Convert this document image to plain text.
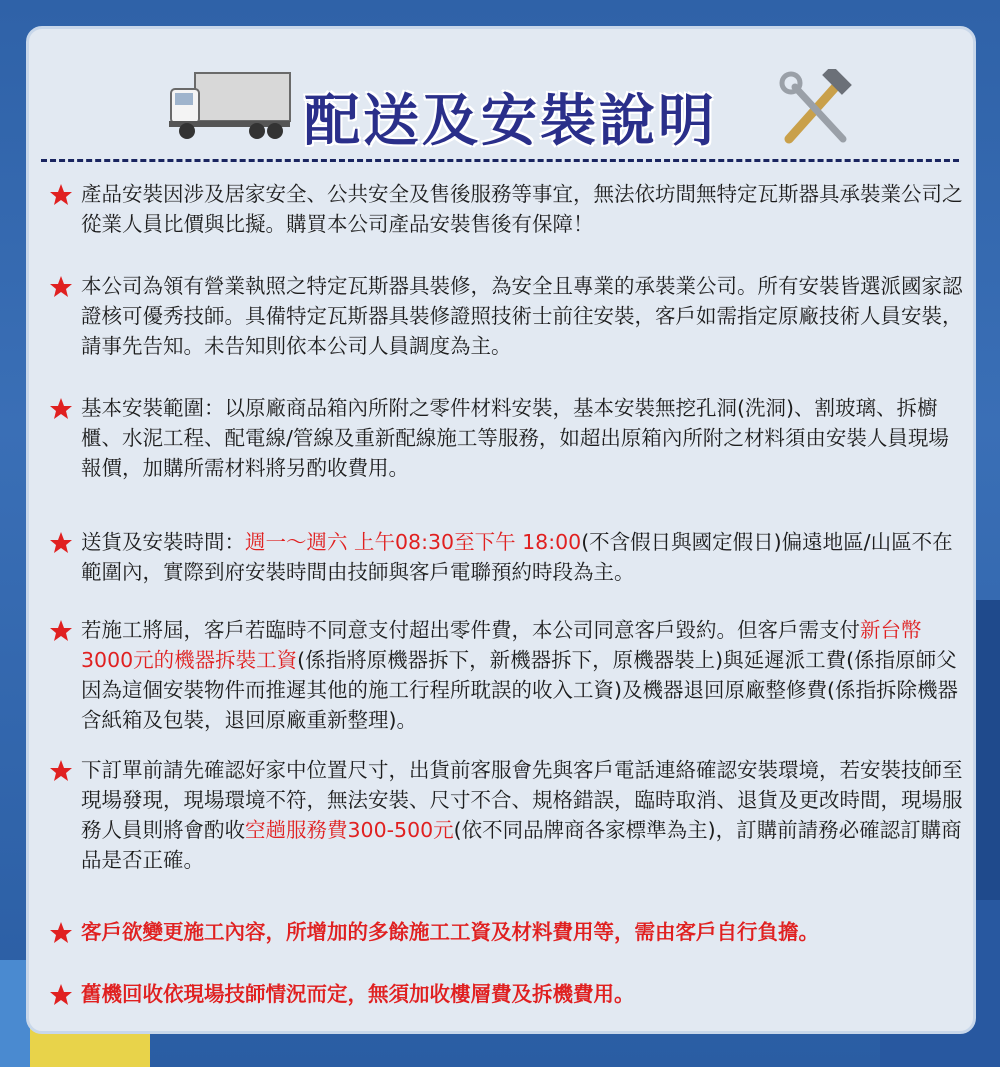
配送及安裝說明
產品安裝因涉及居家安全、公共安全及售後服務等事宜，無法依坊間無特定瓦斯器具承裝業公司之從業人員比價與比擬。購買本公司產品安裝售後有保障！
本公司為領有營業執照之特定瓦斯器具裝修，為安全且專業的承裝業公司。所有安裝皆選派國家認證核可優秀技師。具備特定瓦斯器具裝修證照技術士前往安裝，客戶如需指定原廠技術人員安裝，請事先告知。未告知則依本公司人員調度為主。
基本安裝範圍：以原廠商品箱內所附之零件材料安裝，基本安裝無挖孔洞(洗洞)、割玻璃、拆櫥櫃、水泥工程、配電線/管線及重新配線施工等服務，如超出原箱內所附之材料須由安裝人員現場報價，加購所需材料將另酌收費用。
送貨及安裝時間：週一～週六 上午08:30至下午 18:00(不含假日與國定假日)偏遠地區/山區不在範圍內，實際到府安裝時間由技師與客戶電聯預約時段為主。
若施工將屆，客戶若臨時不同意支付超出零件費，本公司同意客戶毀約。但客戶需支付新台幣3000元的機器拆裝工資(係指將原機器拆下，新機器拆下，原機器裝上)與延遲派工費(係指原師父因為這個安裝物件而推遲其他的施工行程所耽誤的收入工資)及機器退回原廠整修費(係指拆除機器含紙箱及包裝，退回原廠重新整理)。
下訂單前請先確認好家中位置尺寸，出貨前客服會先與客戶電話連絡確認安裝環境，若安裝技師至現場發現，現場環境不符，無法安裝、尺寸不合、規格錯誤，臨時取消、退貨及更改時間，現場服務人員則將會酌收空趟服務費300-500元(依不同品牌商各家標準為主)，訂購前請務必確認訂購商品是否正確。
客戶欲變更施工內容，所增加的多餘施工工資及材料費用等，需由客戶自行負擔。
舊機回收依現場技師情況而定，無須加收樓層費及拆機費用。
